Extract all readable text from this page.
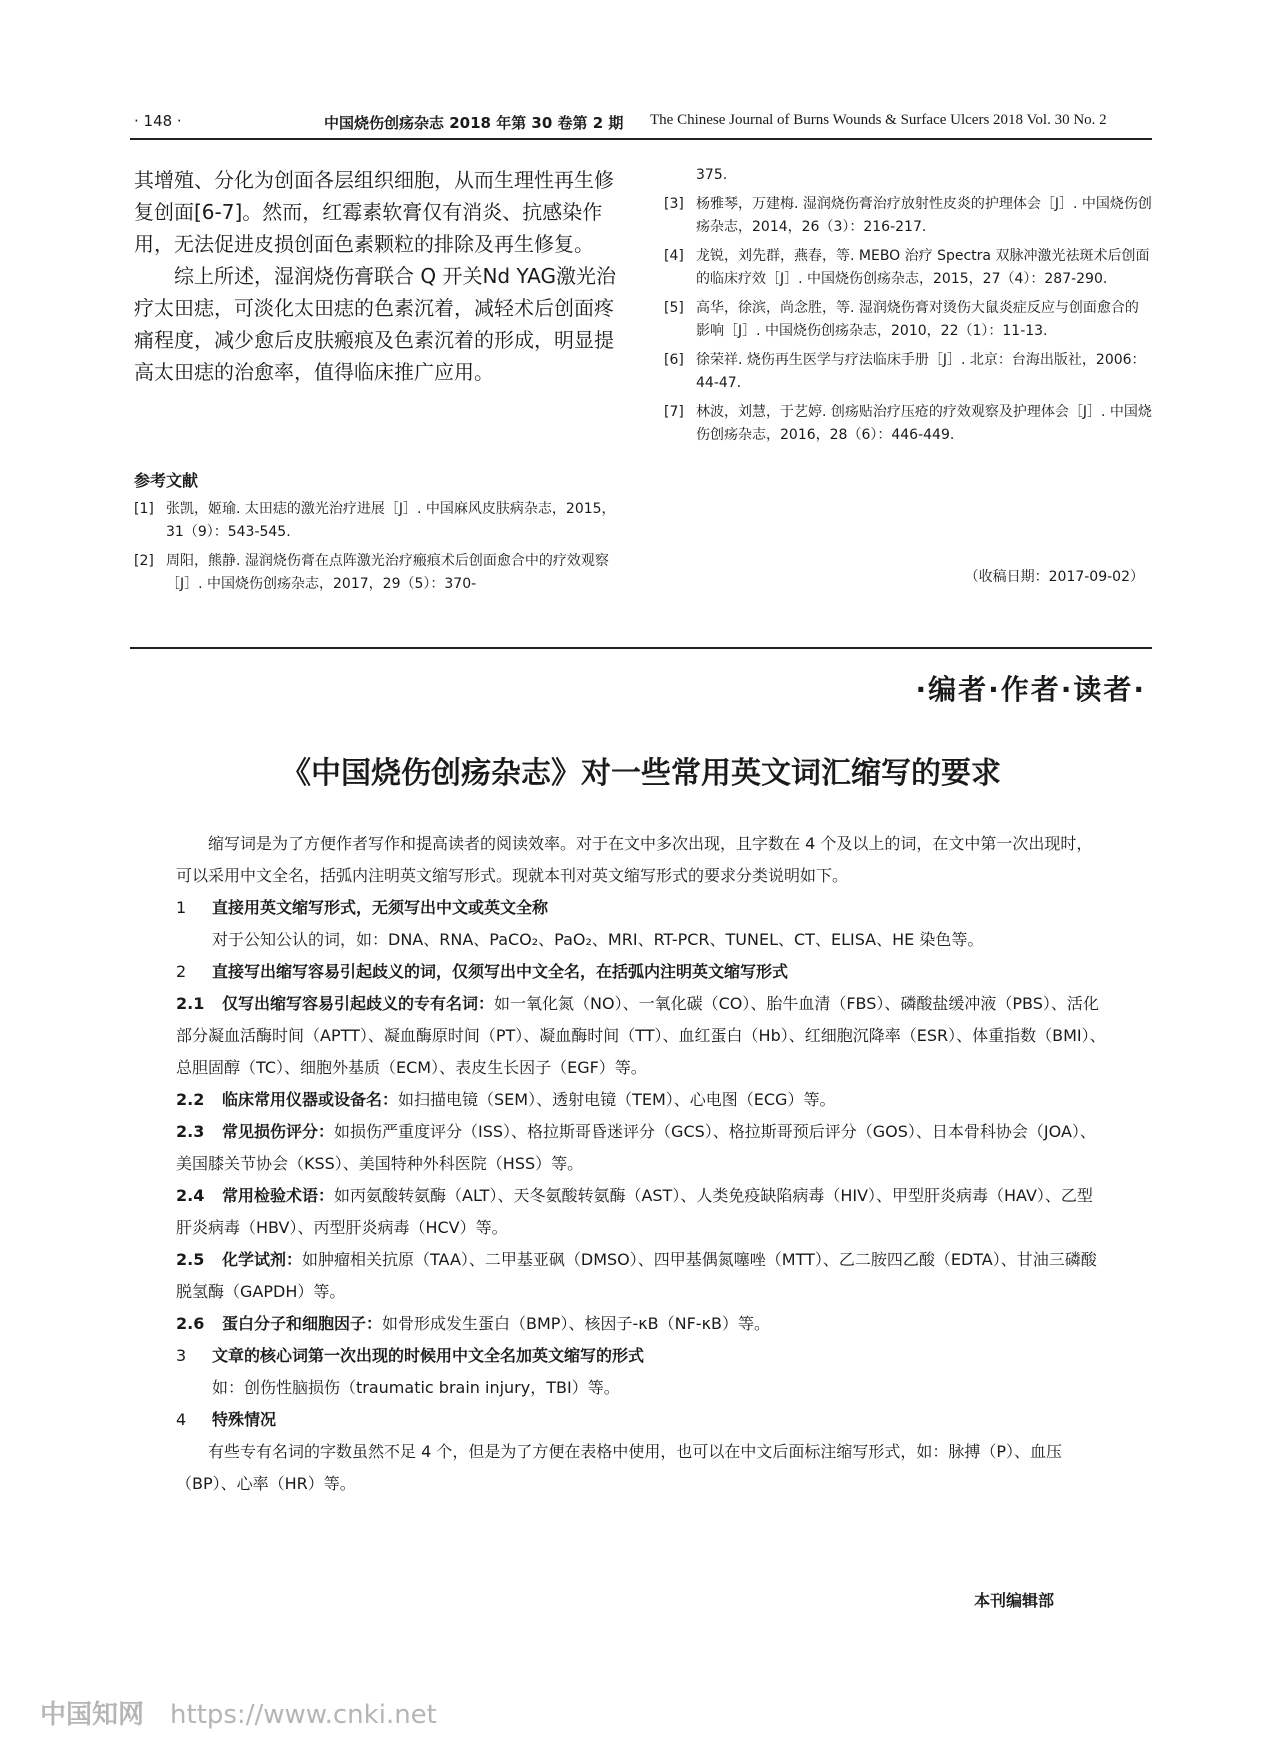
· 148 ·	中国烧伤创疡杂志 2018 年第 30 卷第 2 期 The Chinese Journal of Burns Wounds & Surface Ulcers 2018 Vol. 30 No. 2

其增殖、分化为创面各层组织细胞，从而生理性再生修复创面[6-7]。然而，红霉素软膏仅有消炎、抗感染作用，无法促进皮损创面色素颗粒的排除及再生修复。

综上所述，湿润烧伤膏联合 Q 开关Nd YAG激光治疗太田痣，可淡化太田痣的色素沉着，减轻术后创面疼痛程度，减少愈后皮肤瘢痕及色素沉着的形成，明显提高太田痣的治愈率，值得临床推广应用。

参考文献
[1] 张凯，姬瑜. 太田痣的激光治疗进展［J］. 中国麻风皮肤病杂志，2015，31（9）：543-545.
[2] 周阳，熊静. 湿润烧伤膏在点阵激光治疗瘢痕术后创面愈合中的疗效观察［J］. 中国烧伤创疡杂志，2017，29（5）：370-
375.
[3] 杨雅琴，万建梅. 湿润烧伤膏治疗放射性皮炎的护理体会［J］. 中国烧伤创疡杂志，2014，26（3）：216-217.
[4] 龙锐，刘先群，燕春，等. MEBO 治疗 Spectra 双脉冲激光祛斑术后创面的临床疗效［J］. 中国烧伤创疡杂志，2015，27（4）：287-290.
[5] 高华，徐滨，尚念胜，等. 湿润烧伤膏对烫伤大鼠炎症反应与创面愈合的影响［J］. 中国烧伤创疡杂志，2010，22（1）：11-13.
[6] 徐荣祥. 烧伤再生医学与疗法临床手册［J］. 北京：台海出版社，2006：44-47.
[7] 林波，刘慧，于艺婷. 创疡贴治疗压疮的疗效观察及护理体会［J］. 中国烧伤创疡杂志，2016，28（6）：446-449.
（收稿日期：2017-09-02）
·编者·作者·读者·
《中国烧伤创疡杂志》对一些常用英文词汇缩写的要求

缩写词是为了方便作者写作和提高读者的阅读效率。对于在文中多次出现，且字数在 4 个及以上的词，在文中第一次出现时，可以采用中文全名，括弧内注明英文缩写形式。现就本刊对英文缩写形式的要求分类说明如下。

1 直接用英文缩写形式，无须写出中文或英文全称

对于公知公认的词，如：DNA、RNA、PaCO₂、PaO₂、MRI、RT-PCR、TUNEL、CT、ELISA、HE 染色等。

2 直接写出缩写容易引起歧义的词，仅须写出中文全名，在括弧内注明英文缩写形式

2.1 仅写出缩写容易引起歧义的专有名词：如一氧化氮（NO）、一氧化碳（CO）、胎牛血清（FBS）、磷酸盐缓冲液（PBS）、活化部分凝血活酶时间（APTT）、凝血酶原时间（PT）、凝血酶时间（TT）、血红蛋白（Hb）、红细胞沉降率（ESR）、体重指数（BMI）、总胆固醇（TC）、细胞外基质（ECM）、表皮生长因子（EGF）等。

2.2 临床常用仪器或设备名：如扫描电镜（SEM）、透射电镜（TEM）、心电图（ECG）等。

2.3 常见损伤评分：如损伤严重度评分（ISS）、格拉斯哥昏迷评分（GCS）、格拉斯哥预后评分（GOS）、日本骨科协会（JOA）、美国膝关节协会（KSS）、美国特种外科医院（HSS）等。

2.4 常用检验术语：如丙氨酸转氨酶（ALT）、天冬氨酸转氨酶（AST）、人类免疫缺陷病毒（HIV）、甲型肝炎病毒（HAV）、乙型肝炎病毒（HBV）、丙型肝炎病毒（HCV）等。

2.5 化学试剂：如肿瘤相关抗原（TAA）、二甲基亚砜（DMSO）、四甲基偶氮噻唑（MTT）、乙二胺四乙酸（EDTA）、甘油三磷酸脱氢酶（GAPDH）等。

2.6 蛋白分子和细胞因子：如骨形成发生蛋白（BMP）、核因子-κB（NF-κB）等。

3 文章的核心词第一次出现的时候用中文全名加英文缩写的形式

如：创伤性脑损伤（traumatic brain injury，TBI）等。

4 特殊情况

有些专有名词的字数虽然不足 4 个，但是为了方便在表格中使用，也可以在中文后面标注缩写形式，如：脉搏（P）、血压（BP）、心率（HR）等。

本刊编辑部
中国知网 https://www.cnki.net
